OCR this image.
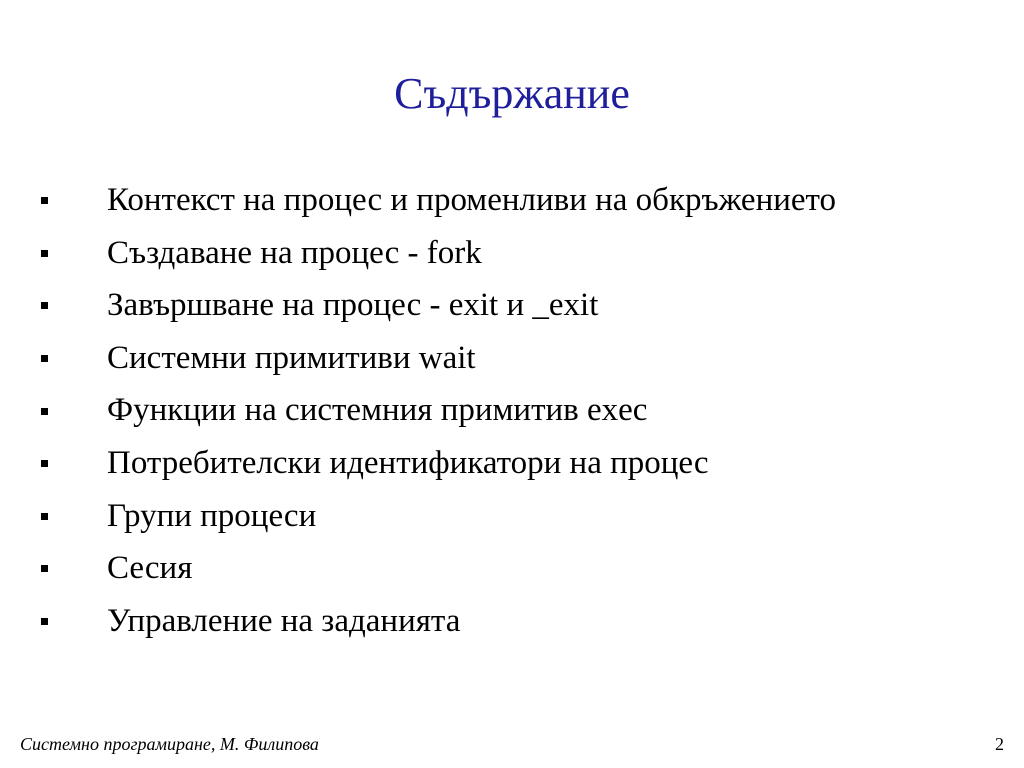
Съдържание
Контекст на процес и променливи на обкръжението
Създаване на процес - fork
Завършване на процес - exit и _exit
Системни примитиви wait
Функции на системния примитив exec
Потребителски идентификатори на процес
Групи процеси
Сесия
Управление на заданията
Системно програмиране, М. Филипова	2
